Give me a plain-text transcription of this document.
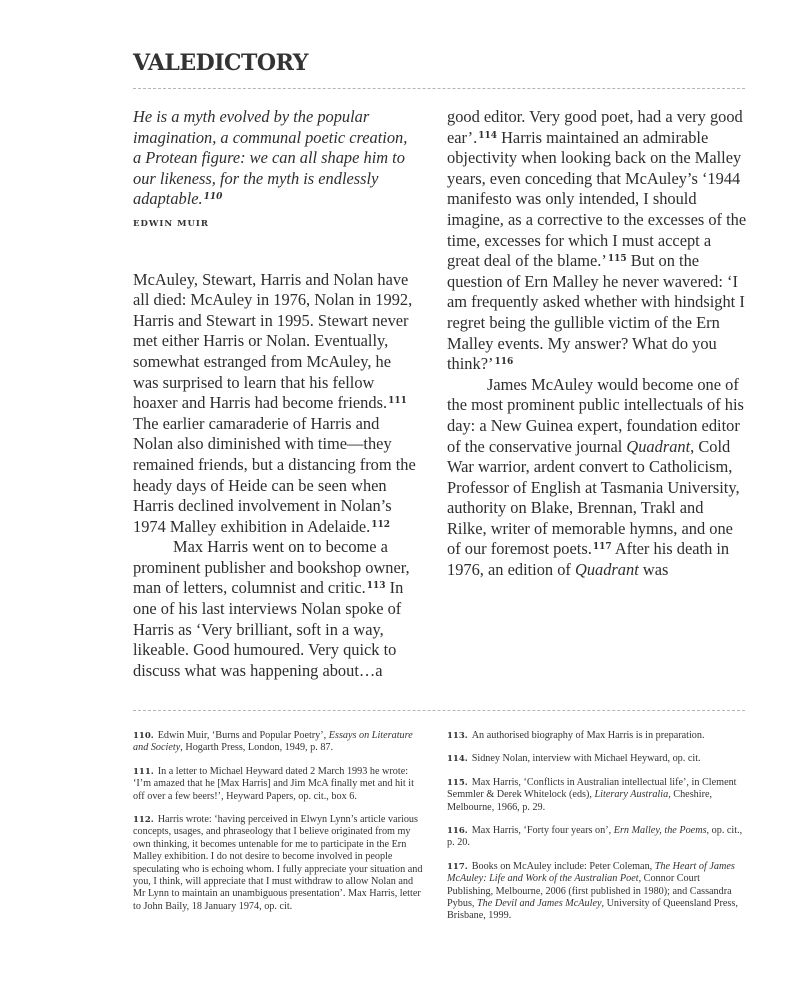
VALEDICTORY

He is a myth evolved by the popular imagination, a communal poetic creation, a Protean figure: we can all shape him to our likeness, for the myth is endlessly adaptable.$^{110}$

EDWIN MUIR

McAuley, Stewart, Harris and Nolan have all died: McAuley in 1976, Nolan in 1992, Harris and Stewart in 1995. Stewart never met either Harris or Nolan. Eventually, somewhat estranged from McAuley, he was surprised to learn that his fellow hoaxer and Harris had become friends.$^{111}$ The earlier camaraderie of Harris and Nolan also diminished with time—they remained friends, but a distancing from the heady days of Heide can be seen when Harris declined involvement in Nolan’s 1974 Malley exhibition in Adelaide.$^{112}$

Max Harris went on to become a prominent publisher and bookshop owner, man of letters, columnist and critic.$^{113}$ In one of his last interviews Nolan spoke of Harris as ‘Very brilliant, soft in a way, likeable. Good humoured. Very quick to discuss what was happening about…a

good editor. Very good poet, had a very good ear’.$^{114}$ Harris maintained an admirable objectivity when looking back on the Malley years, even conceding that McAuley’s ‘1944 manifesto was only intended, I should imagine, as a corrective to the excesses of the time, excesses for which I must accept a great deal of the blame.’$^{115}$ But on the question of Ern Malley he never wavered: ‘I am frequently asked whether with hindsight I regret being the gullible victim of the Ern Malley events. My answer? What do you think?’$^{116}$

James McAuley would become one of the most prominent public intellectuals of his day: a New Guinea expert, foundation editor of the conservative journal Quadrant, Cold War warrior, ardent convert to Catholicism, Professor of English at Tasmania University, authority on Blake, Brennan, Trakl and Rilke, writer of memorable hymns, and one of our foremost poets.$^{117}$ After his death in 1976, an edition of Quadrant was

110. Edwin Muir, ‘Burns and Popular Poetry’, Essays on Literature and Society, Hogarth Press, London, 1949, p. 87.

111. In a letter to Michael Heyward dated 2 March 1993 he wrote: ‘I’m amazed that he [Max Harris] and Jim McA finally met and hit it off over a few beers!’, Heyward Papers, op. cit., box 6.

112. Harris wrote: ‘having perceived in Elwyn Lynn’s article various concepts, usages, and phraseology that I believe originated from my own thinking, it becomes untenable for me to participate in the Ern Malley exhibition. I do not desire to become involved in people speculating who is echoing whom. I fully appreciate your situation and you, I think, will appreciate that I must withdraw to allow Nolan and Mr Lynn to maintain an unambiguous presentation’. Max Harris, letter to John Baily, 18 January 1974, op. cit.

113. An authorised biography of Max Harris is in preparation.

114. Sidney Nolan, interview with Michael Heyward, op. cit.

115. Max Harris, ‘Conflicts in Australian intellectual life’, in Clement Semmler & Derek Whitelock (eds), Literary Australia, Cheshire, Melbourne, 1966, p. 29.

116. Max Harris, ‘Forty four years on’, Ern Malley, the Poems, op. cit., p. 20.

117. Books on McAuley include: Peter Coleman, The Heart of James McAuley: Life and Work of the Australian Poet, Connor Court Publishing, Melbourne, 2006 (first published in 1980); and Cassandra Pybus, The Devil and James McAuley, University of Queensland Press, Brisbane, 1999.
